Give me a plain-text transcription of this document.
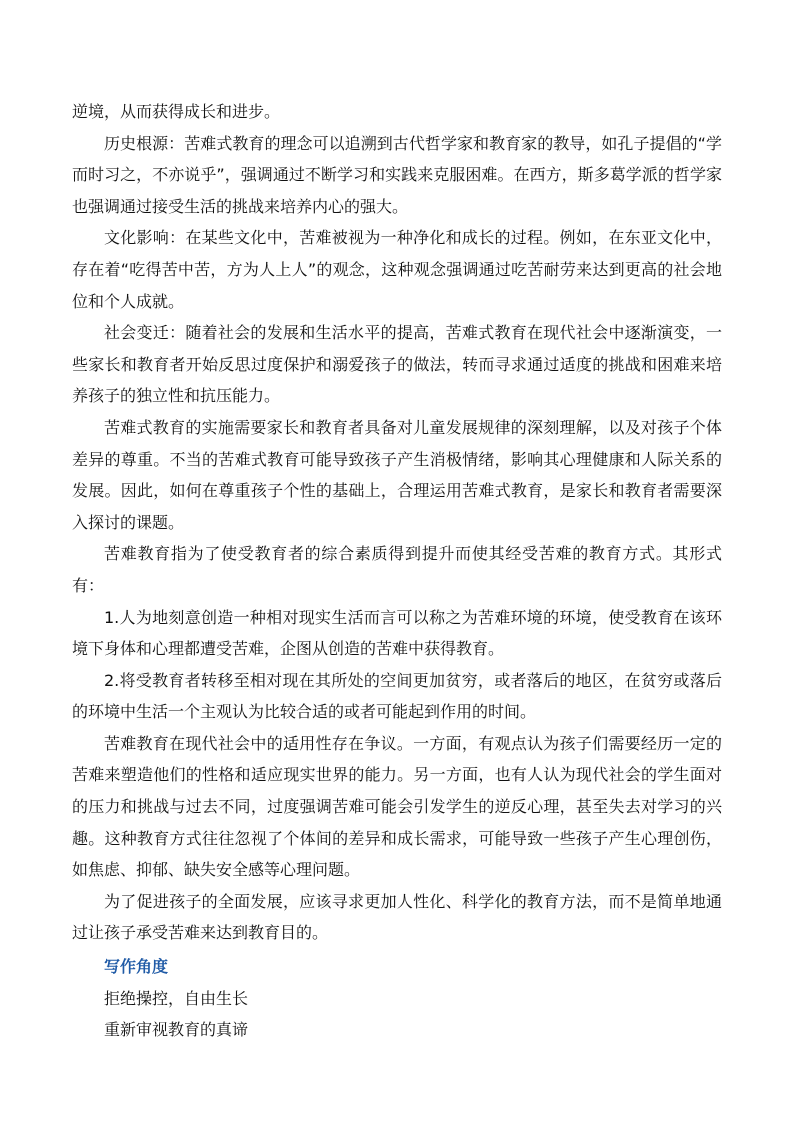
逆境，从而获得成长和进步。

历史根源：苦难式教育的理念可以追溯到古代哲学家和教育家的教导，如孔子提倡的“学而时习之，不亦说乎”，强调通过不断学习和实践来克服困难。在西方，斯多葛学派的哲学家也强调通过接受生活的挑战来培养内心的强大。

文化影响：在某些文化中，苦难被视为一种净化和成长的过程。例如，在东亚文化中，存在着“吃得苦中苦，方为人上人”的观念，这种观念强调通过吃苦耐劳来达到更高的社会地位和个人成就。

社会变迁：随着社会的发展和生活水平的提高，苦难式教育在现代社会中逐渐演变，一些家长和教育者开始反思过度保护和溺爱孩子的做法，转而寻求通过适度的挑战和困难来培养孩子的独立性和抗压能力。

苦难式教育的实施需要家长和教育者具备对儿童发展规律的深刻理解，以及对孩子个体差异的尊重。不当的苦难式教育可能导致孩子产生消极情绪，影响其心理健康和人际关系的发展。因此，如何在尊重孩子个性的基础上，合理运用苦难式教育，是家长和教育者需要深入探讨的课题。

苦难教育指为了使受教育者的综合素质得到提升而使其经受苦难的教育方式。其形式有：

1.人为地刻意创造一种相对现实生活而言可以称之为苦难环境的环境，使受教育在该环境下身体和心理都遭受苦难，企图从创造的苦难中获得教育。

2.将受教育者转移至相对现在其所处的空间更加贫穷，或者落后的地区，在贫穷或落后的环境中生活一个主观认为比较合适的或者可能起到作用的时间。

苦难教育在现代社会中的适用性存在争议。一方面，有观点认为孩子们需要经历一定的苦难来塑造他们的性格和适应现实世界的能力。另一方面，也有人认为现代社会的学生面对的压力和挑战与过去不同，过度强调苦难可能会引发学生的逆反心理，甚至失去对学习的兴趣。这种教育方式往往忽视了个体间的差异和成长需求，可能导致一些孩子产生心理创伤，如焦虑、抑郁、缺失安全感等心理问题。

为了促进孩子的全面发展，应该寻求更加人性化、科学化的教育方法，而不是简单地通过让孩子承受苦难来达到教育目的。

写作角度

拒绝操控，自由生长

重新审视教育的真谛
